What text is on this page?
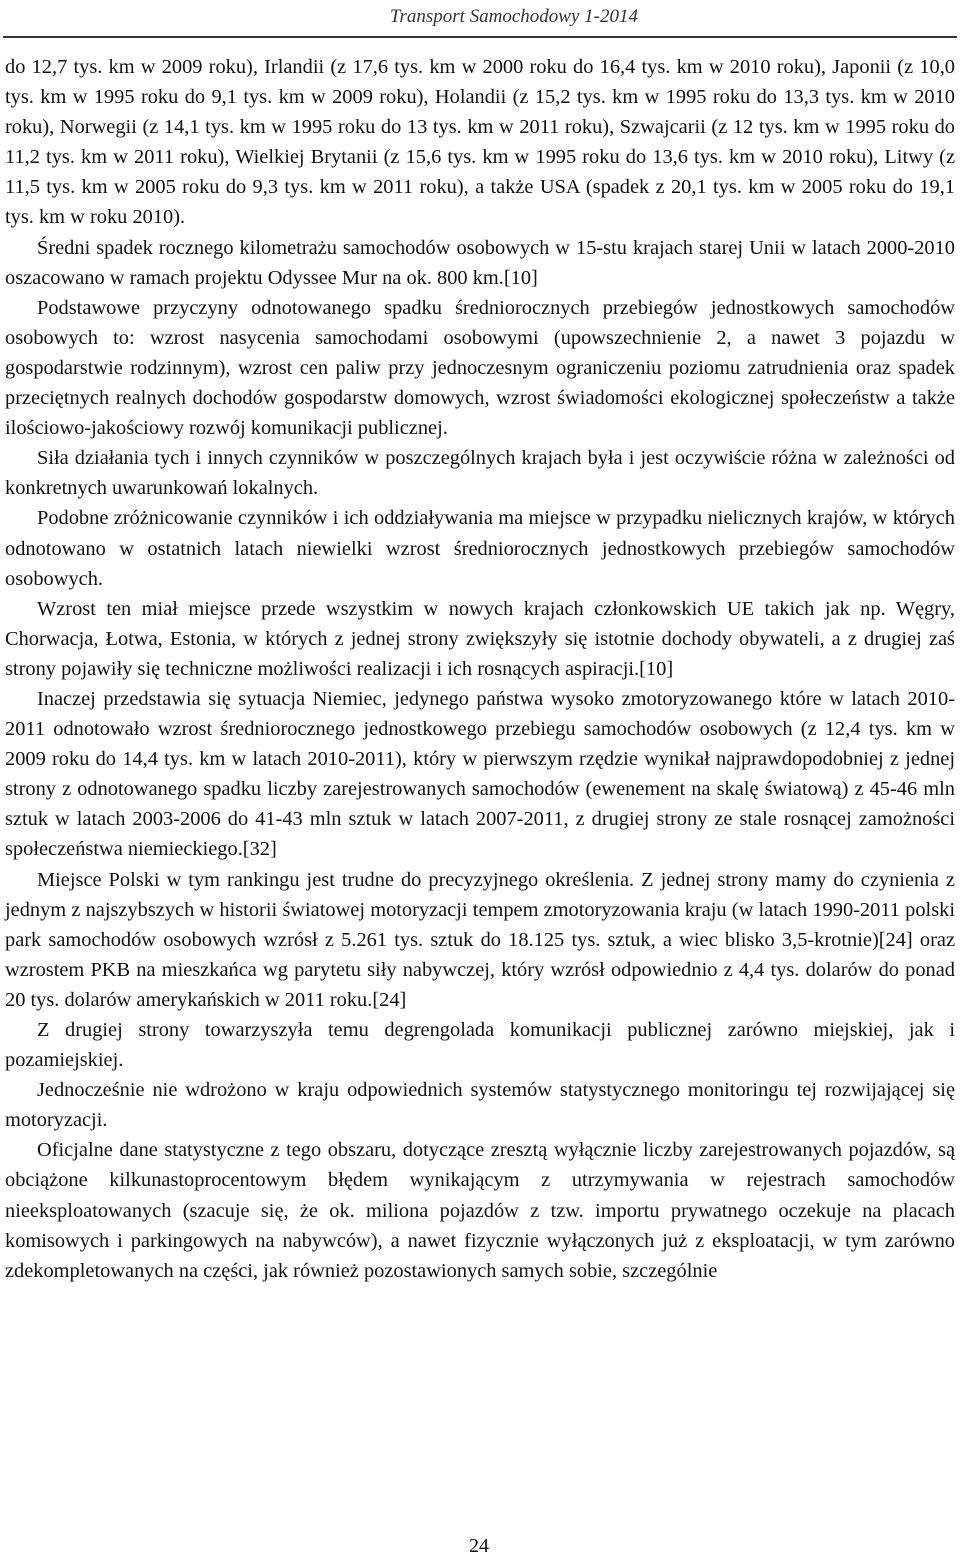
Transport Samochodowy 1-2014

do 12,7 tys. km w 2009 roku), Irlandii (z 17,6 tys. km w 2000 roku do 16,4 tys. km w 2010 roku), Japonii (z 10,0 tys. km w 1995 roku do 9,1 tys. km w 2009 roku), Holandii (z 15,2 tys. km w 1995 roku do 13,3 tys. km w 2010 roku), Norwegii (z 14,1 tys. km w 1995 roku do 13 tys. km w 2011 roku), Szwajcarii (z 12 tys. km w 1995 roku do 11,2 tys. km w 2011 roku), Wielkiej Brytanii (z 15,6 tys. km w 1995 roku do 13,6 tys. km w 2010 roku), Litwy (z 11,5 tys. km w 2005 roku do 9,3 tys. km w 2011 roku), a także USA (spadek z 20,1 tys. km w 2005 roku do 19,1 tys. km w roku 2010).

Średni spadek rocznego kilometrażu samochodów osobowych w 15-stu krajach starej Unii w latach 2000-2010 oszacowano w ramach projektu Odyssee Mur na ok. 800 km.[10]

Podstawowe przyczyny odnotowanego spadku średniorocznych przebiegów jednostkowych samochodów osobowych to: wzrost nasycenia samochodami osobowymi (upowszechnienie 2, a nawet 3 pojazdu w gospodarstwie rodzinnym), wzrost cen paliw przy jednoczesnym ograniczeniu poziomu zatrudnienia oraz spadek przeciętnych realnych dochodów gospodarstw domowych, wzrost świadomości ekologicznej społeczeństw a także ilościowo-jakościowy rozwój komunikacji publicznej.

Siła działania tych i innych czynników w poszczególnych krajach była i jest oczywiście różna w zależności od konkretnych uwarunkowań lokalnych.

Podobne zróżnicowanie czynników i ich oddziaływania ma miejsce w przypadku nielicznych krajów, w których odnotowano w ostatnich latach niewielki wzrost średniorocznych jednostkowych przebiegów samochodów osobowych.

Wzrost ten miał miejsce przede wszystkim w nowych krajach członkowskich UE takich jak np. Węgry, Chorwacja, Łotwa, Estonia, w których z jednej strony zwiększyły się istotnie dochody obywateli, a z drugiej zaś strony pojawiły się techniczne możliwości realizacji i ich rosnących aspiracji.[10]

Inaczej przedstawia się sytuacja Niemiec, jedynego państwa wysoko zmotoryzowanego które w latach 2010-2011 odnotowało wzrost średniorocznego jednostkowego przebiegu samochodów osobowych (z 12,4 tys. km w 2009 roku do 14,4 tys. km w latach 2010-2011), który w pierwszym rzędzie wynikał najprawdopodobniej z jednej strony z odnotowanego spadku liczby zarejestrowanych samochodów (ewenement na skalę światową) z 45-46 mln sztuk w latach 2003-2006 do 41-43 mln sztuk w latach 2007-2011, z drugiej strony ze stale rosnącej zamożności społeczeństwa niemieckiego.[32]

Miejsce Polski w tym rankingu jest trudne do precyzyjnego określenia. Z jednej strony mamy do czynienia z jednym z najszybszych w historii światowej motoryzacji tempem zmotoryzowania kraju (w latach 1990-2011 polski park samochodów osobowych wzrósł z 5.261 tys. sztuk do 18.125 tys. sztuk, a wiec blisko 3,5-krotnie)[24] oraz wzrostem PKB na mieszkańca wg parytetu siły nabywczej, który wzrósł odpowiednio z 4,4 tys. dolarów do ponad 20 tys. dolarów amerykańskich w 2011 roku.[24]

Z drugiej strony towarzyszyła temu degrengolada komunikacji publicznej zarówno miejskiej, jak i pozamiejskiej.

Jednocześnie nie wdrożono w kraju odpowiednich systemów statystycznego monitoringu tej rozwijającej się motoryzacji.

Oficjalne dane statystyczne z tego obszaru, dotyczące zresztą wyłącznie liczby zarejestrowanych pojazdów, są obciążone kilkunastoprocentowym błędem wynikającym z utrzymywania w rejestrach samochodów nieeksploatowanych (szacuje się, że ok. miliona pojazdów z tzw. importu prywatnego oczekuje na placach komisowych i parkingowych na nabywców), a nawet fizycznie wyłączonych już z eksploatacji, w tym zarówno zdekompletowanych na części, jak również pozostawionych samych sobie, szczególnie

24
